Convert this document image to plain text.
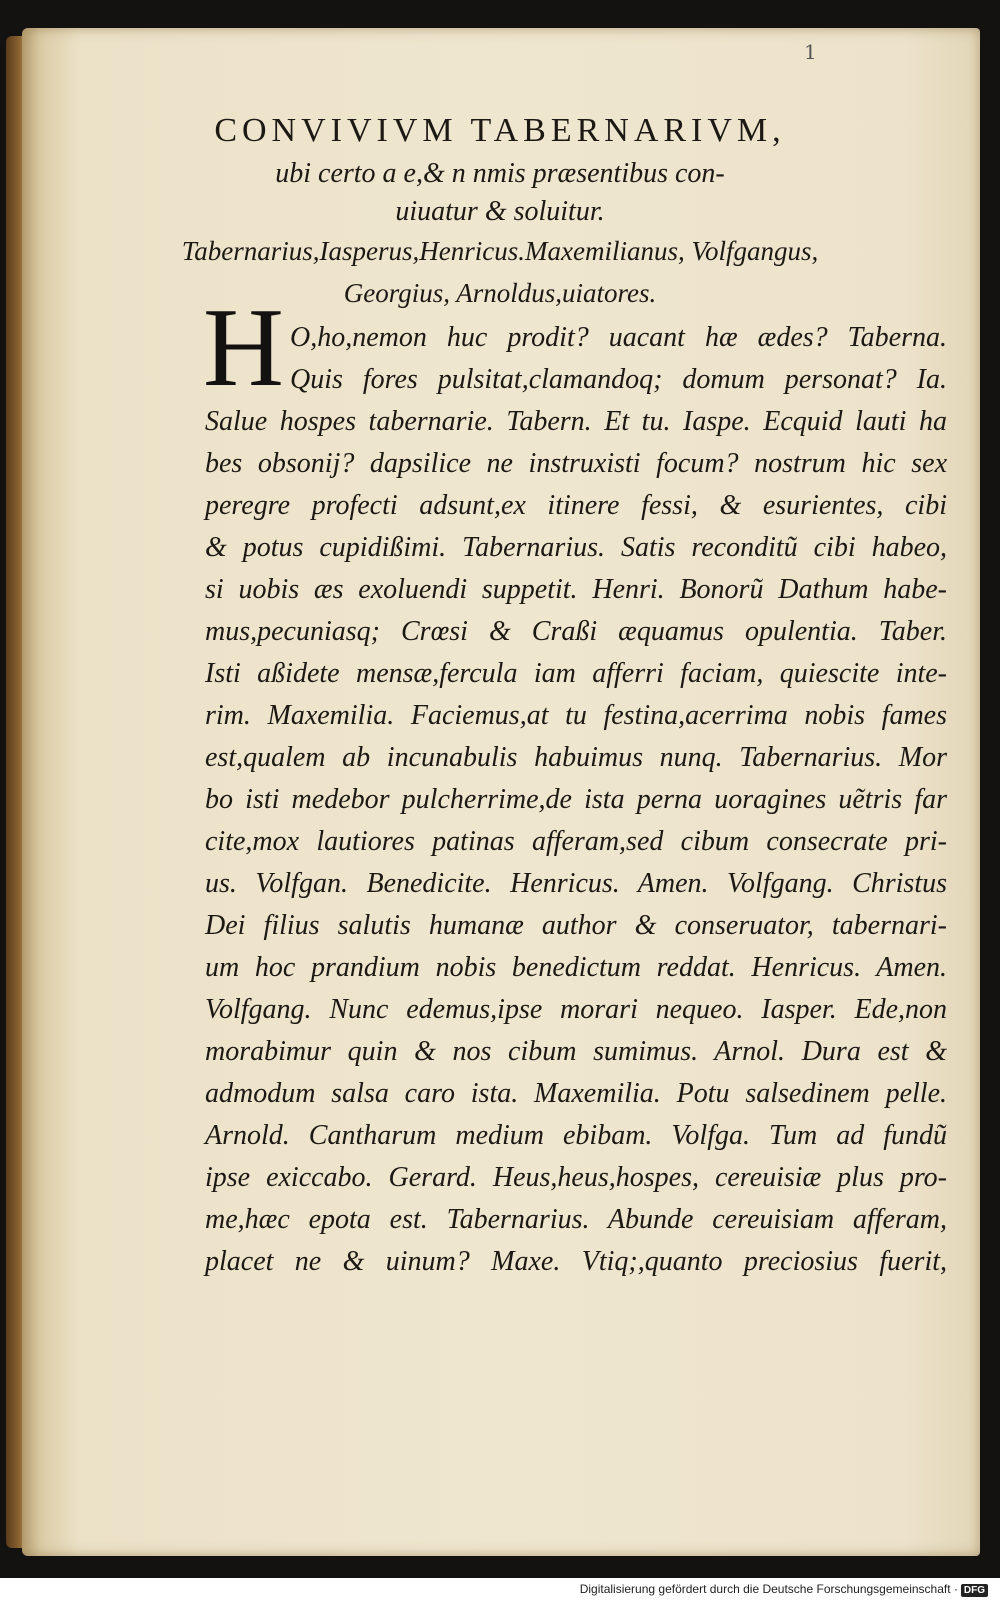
1
CONVIVIVM TABERNARIVM,
ubi certo a e,& n nmis præsentibus con-
uiuatur & soluitur.
Tabernarius,Iasperus,Henricus.Maxemilianus, Volfgangus,
Georgius, Arnoldus,uiatores.
H O,ho,nemon huc prodit? uacant hæ ædes? Taberna.
Quis fores pulsitat,clamandoq; domum personat? Ia.
Salue hospes tabernarie. Tabern. Et tu. Iaspe. Ecquid lauti ha
bes obsonij? dapsilice ne instruxisti focum? nostrum hic sex
peregre profecti adsunt,ex itinere fessi, & esurientes, cibi
& potus cupidißimi. Tabernarius. Satis reconditũ cibi habeo,
si uobis æs exoluendi suppetit. Henri. Bonorũ Dathum habe-
mus,pecuniasq; Crœsi & Craßi æquamus opulentia. Taber.
Isti aßidete mensæ,fercula iam afferri faciam, quiescite inte-
rim. Maxemilia. Faciemus,at tu festina,acerrima nobis fames
est,qualem ab incunabulis habuimus nunq. Tabernarius. Mor
bo isti medebor pulcherrime,de ista perna uoragines uẽtris far
cite,mox lautiores patinas afferam,sed cibum consecrate pri-
us. Volfgan. Benedicite. Henricus. Amen. Volfgang. Christus
Dei filius salutis humanæ author & conseruator, tabernari-
um hoc prandium nobis benedictum reddat. Henricus. Amen.
Volfgang. Nunc edemus,ipse morari nequeo. Iasper. Ede,non
morabimur quin & nos cibum sumimus. Arnol. Dura est &
admodum salsa caro ista. Maxemilia. Potu salsedinem pelle.
Arnold. Cantharum medium ebibam. Volfga. Tum ad fundũ
ipse exiccabo. Gerard. Heus,heus,hospes, cereuisiæ plus pro-
me,hæc epota est. Tabernarius. Abunde cereuisiam afferam,
placet ne & uinum? Maxe. Vtiq;,quanto preciosius fuerit,
Digitalisierung gefördert durch die Deutsche Forschungsgemeinschaft · DFG
